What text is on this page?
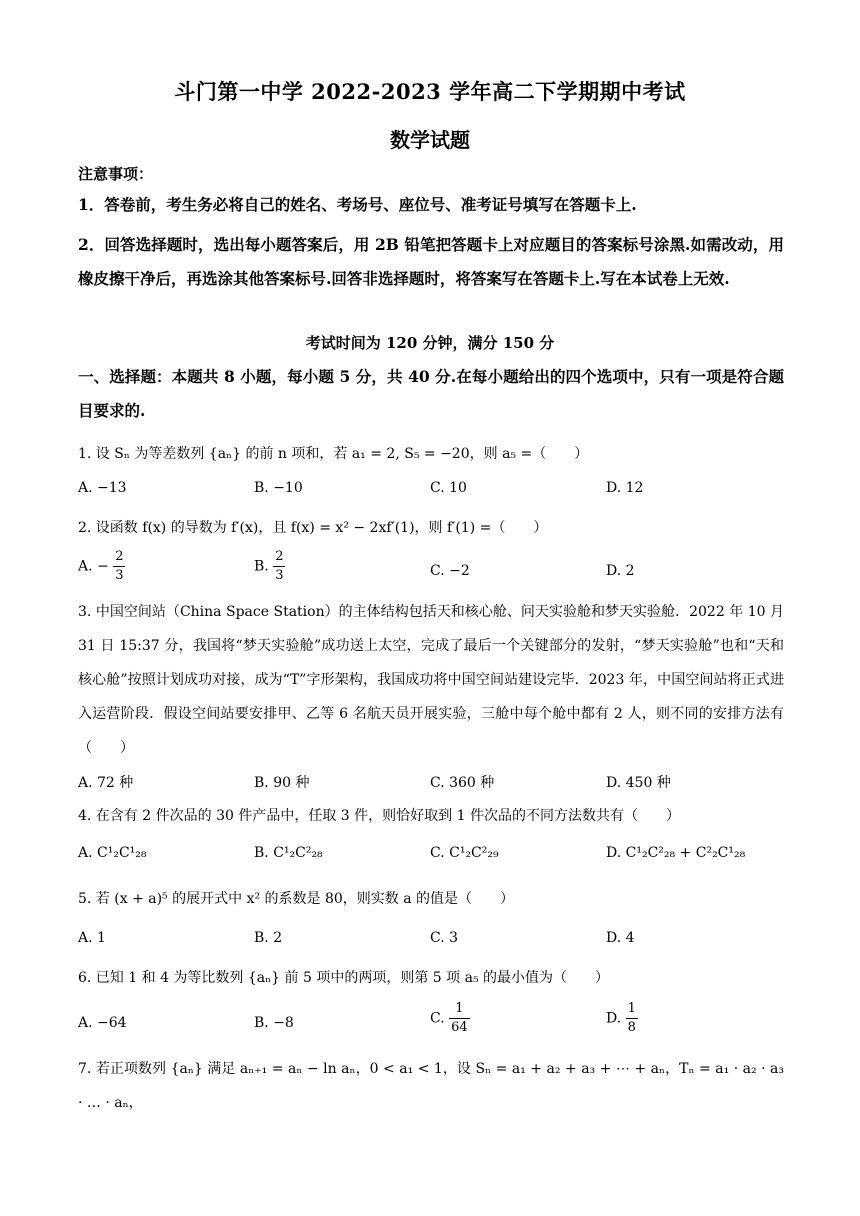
斗门第一中学 2022-2023 学年高二下学期期中考试
数学试题
注意事项：
1．答卷前，考生务必将自己的姓名、考场号、座位号、准考证号填写在答题卡上.
2．回答选择题时，选出每小题答案后，用 2B 铅笔把答题卡上对应题目的答案标号涂黑.如需改动，用橡皮擦干净后，再选涂其他答案标号.回答非选择题时，将答案写在答题卡上.写在本试卷上无效.
考试时间为 120 分钟，满分 150 分
一、选择题：本题共 8 小题，每小题 5 分，共 40 分.在每小题给出的四个选项中，只有一项是符合题目要求的.
1. 设 Sₙ 为等差数列 {aₙ} 的前 n 项和，若 a₁ = 2, S₅ = −20，则 a₅ =（　　）
A. −13	B. −10	C. 10	D. 12
2. 设函数 f(x) 的导数为 f′(x)，且 f(x) = x² − 2xf′(1)，则 f′(1) =（　　）
A. − $\frac{2}{3}$	B. $\frac{2}{3}$	C. −2	D. 2
3. 中国空间站（China Space Station）的主体结构包括天和核心舱、问天实验舱和梦天实验舱．2022 年 10 月 31 日 15:37 分，我国将“梦天实验舱”成功送上太空，完成了最后一个关键部分的发射，“梦天实验舱”也和“天和核心舱”按照计划成功对接，成为“T”字形架构，我国成功将中国空间站建设完毕．2023 年，中国空间站将正式进入运营阶段．假设空间站要安排甲、乙等 6 名航天员开展实验，三舱中每个舱中都有 2 人，则不同的安排方法有（　　）
A. 72 种	B. 90 种	C. 360 种	D. 450 种
4. 在含有 2 件次品的 30 件产品中，任取 3 件，则恰好取到 1 件次品的不同方法数共有（　　）
A. C¹₂C¹₂₈	B. C¹₂C²₂₈	C. C¹₂C²₂₉	D. C¹₂C²₂₈ + C²₂C¹₂₈
5. 若 (x + a)⁵ 的展开式中 x² 的系数是 80，则实数 a 的值是（　　）
A. 1	B. 2	C. 3	D. 4
6. 已知 1 和 4 为等比数列 {aₙ} 前 5 项中的两项，则第 5 项 a₅ 的最小值为（　　）
A. −64	B. −8	C. $\frac{1}{64}$	D. $\frac{1}{8}$
7. 若正项数列 {aₙ} 满足 aₙ₊₁ = aₙ − ln aₙ，0 < a₁ < 1，设 Sₙ = a₁ + a₂ + a₃ + ⋯ + aₙ，Tₙ = a₁ · a₂ · a₃ · … · aₙ，
